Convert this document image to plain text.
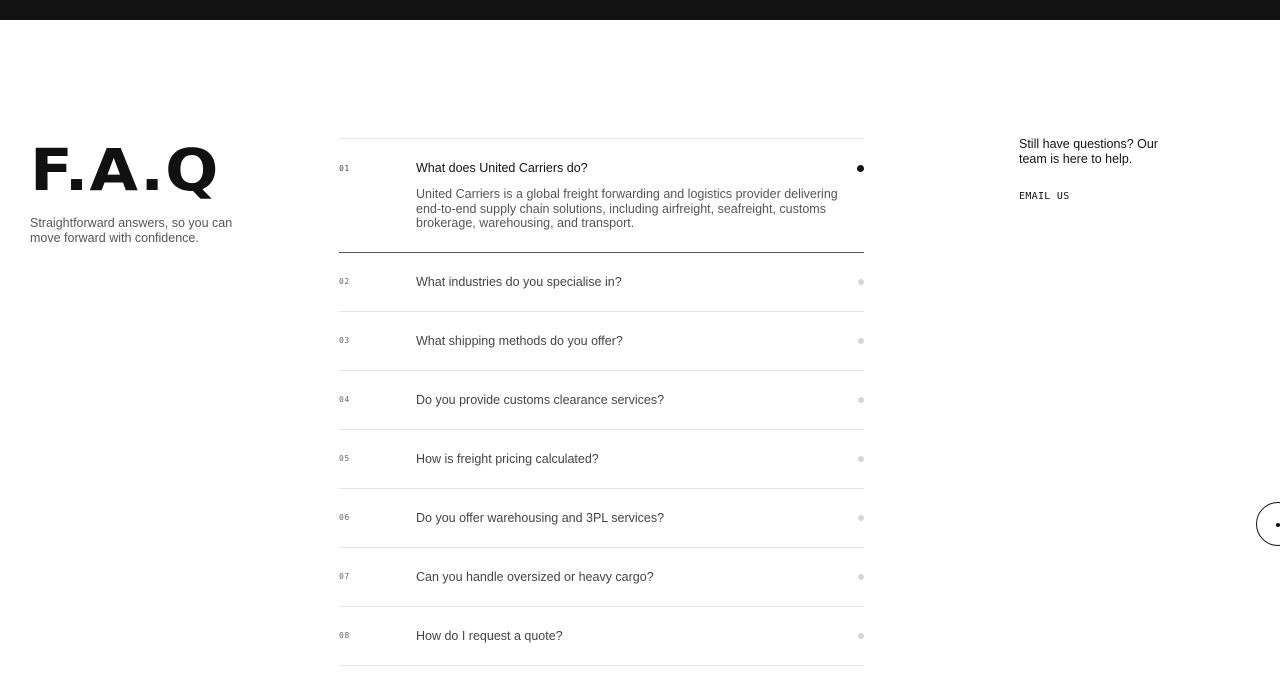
F.A.Q
Straightforward answers, so you can move forward with confidence.
01	What does United Carriers do?

United Carriers is a global freight forwarding and logistics provider delivering end-to-end supply chain solutions, including airfreight, seafreight, customs brokerage, warehousing, and transport.

02	What industries do you specialise in?
03	What shipping methods do you offer?
04	Do you provide customs clearance services?
05	How is freight pricing calculated?
06	Do you offer warehousing and 3PL services?
07	Can you handle oversized or heavy cargo?
08	How do I request a quote?
Still have questions? Our team is here to help.
EMAIL US
